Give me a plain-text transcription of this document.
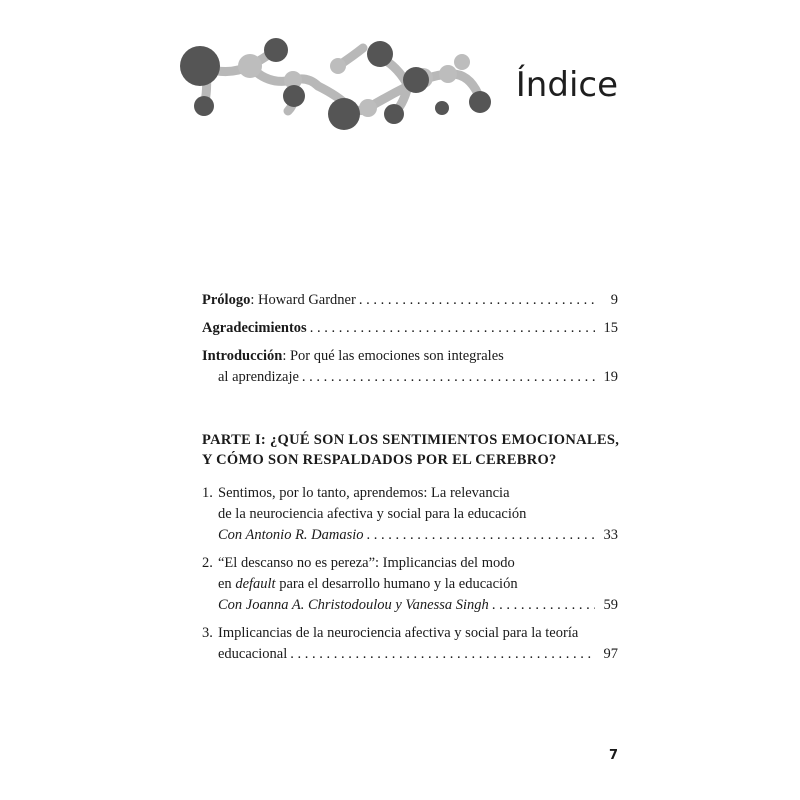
Índice
Prólogo: Howard Gardner . . .	9
Agradecimientos . . .	15
Introducción: Por qué las emociones son integrales
al aprendizaje . . .	19
PARTE I: ¿QUÉ SON LOS SENTIMIENTOS EMOCIONALES,
Y CÓMO SON RESPALDADOS POR EL CEREBRO?
1. Sentimos, por lo tanto, aprendemos: La relevancia
de la neurociencia afectiva y social para la educación
Con Antonio R. Damasio . . .	33
2. “El descanso no es pereza”: Implicancias del modo
en default para el desarrollo humano y la educación
Con Joanna A. Christodoulou y Vanessa Singh . . .	59
3. Implicancias de la neurociencia afectiva y social para la teoría
educacional . . .	97
7
